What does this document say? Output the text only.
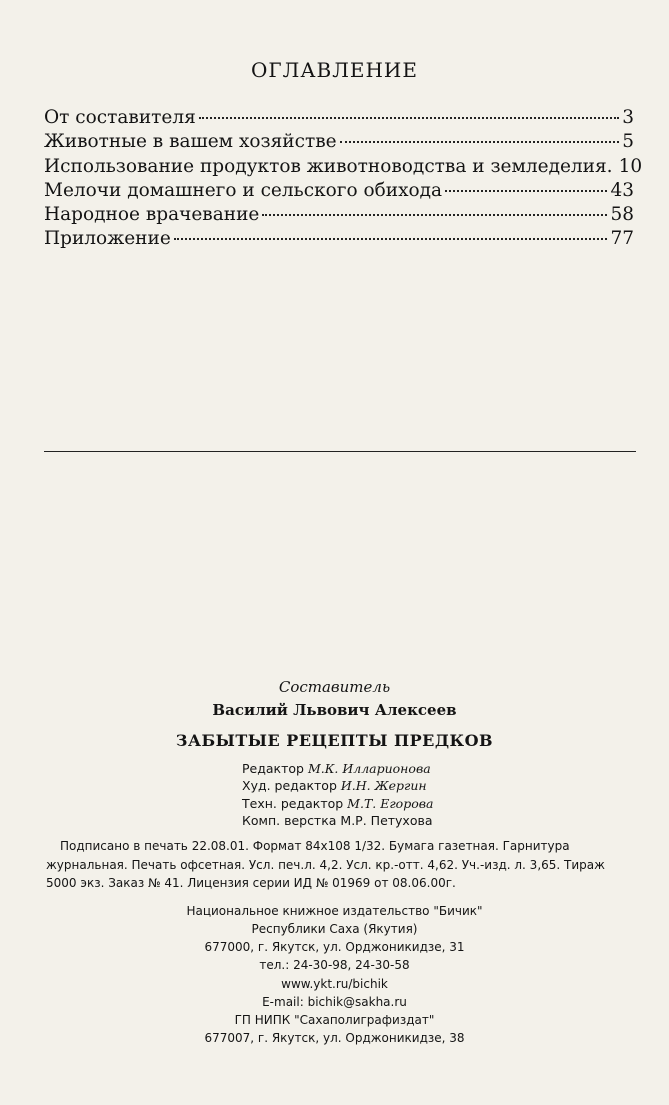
ОГЛАВЛЕНИЕ
От составителя	3
Животные в вашем хозяйстве	5
Использование продуктов животноводства и земледелия. 10
Мелочи домашнего и сельского обихода	43
Народное врачевание	58
Приложение	77
Составитель
Василий Львович Алексеев
ЗАБЫТЫЕ РЕЦЕПТЫ ПРЕДКОВ
Редактор М.К. Илларионова
Худ. редактор И.Н. Жергин
Техн. редактор М.Т. Егорова
Комп. верстка М.Р. Петухова
Подписано в печать 22.08.01. Формат 84x108 1/32. Бумага газетная. Гарнитура
журнальная. Печать офсетная. Усл. печ.л. 4,2. Усл. кр.-отт. 4,62. Уч.-изд. л. 3,65. Тираж
5000 экз. Заказ № 41. Лицензия серии ИД № 01969 от 08.06.00г.
Национальное книжное издательство "Бичик"
Республики Саха (Якутия)
677000, г. Якутск, ул. Орджоникидзе, 31
тел.: 24-30-98, 24-30-58
www.ykt.ru/bichik
E-mail: bichik@sakha.ru
ГП НИПК "Сахаполиграфиздат"
677007, г. Якутск, ул. Орджоникидзе, 38
